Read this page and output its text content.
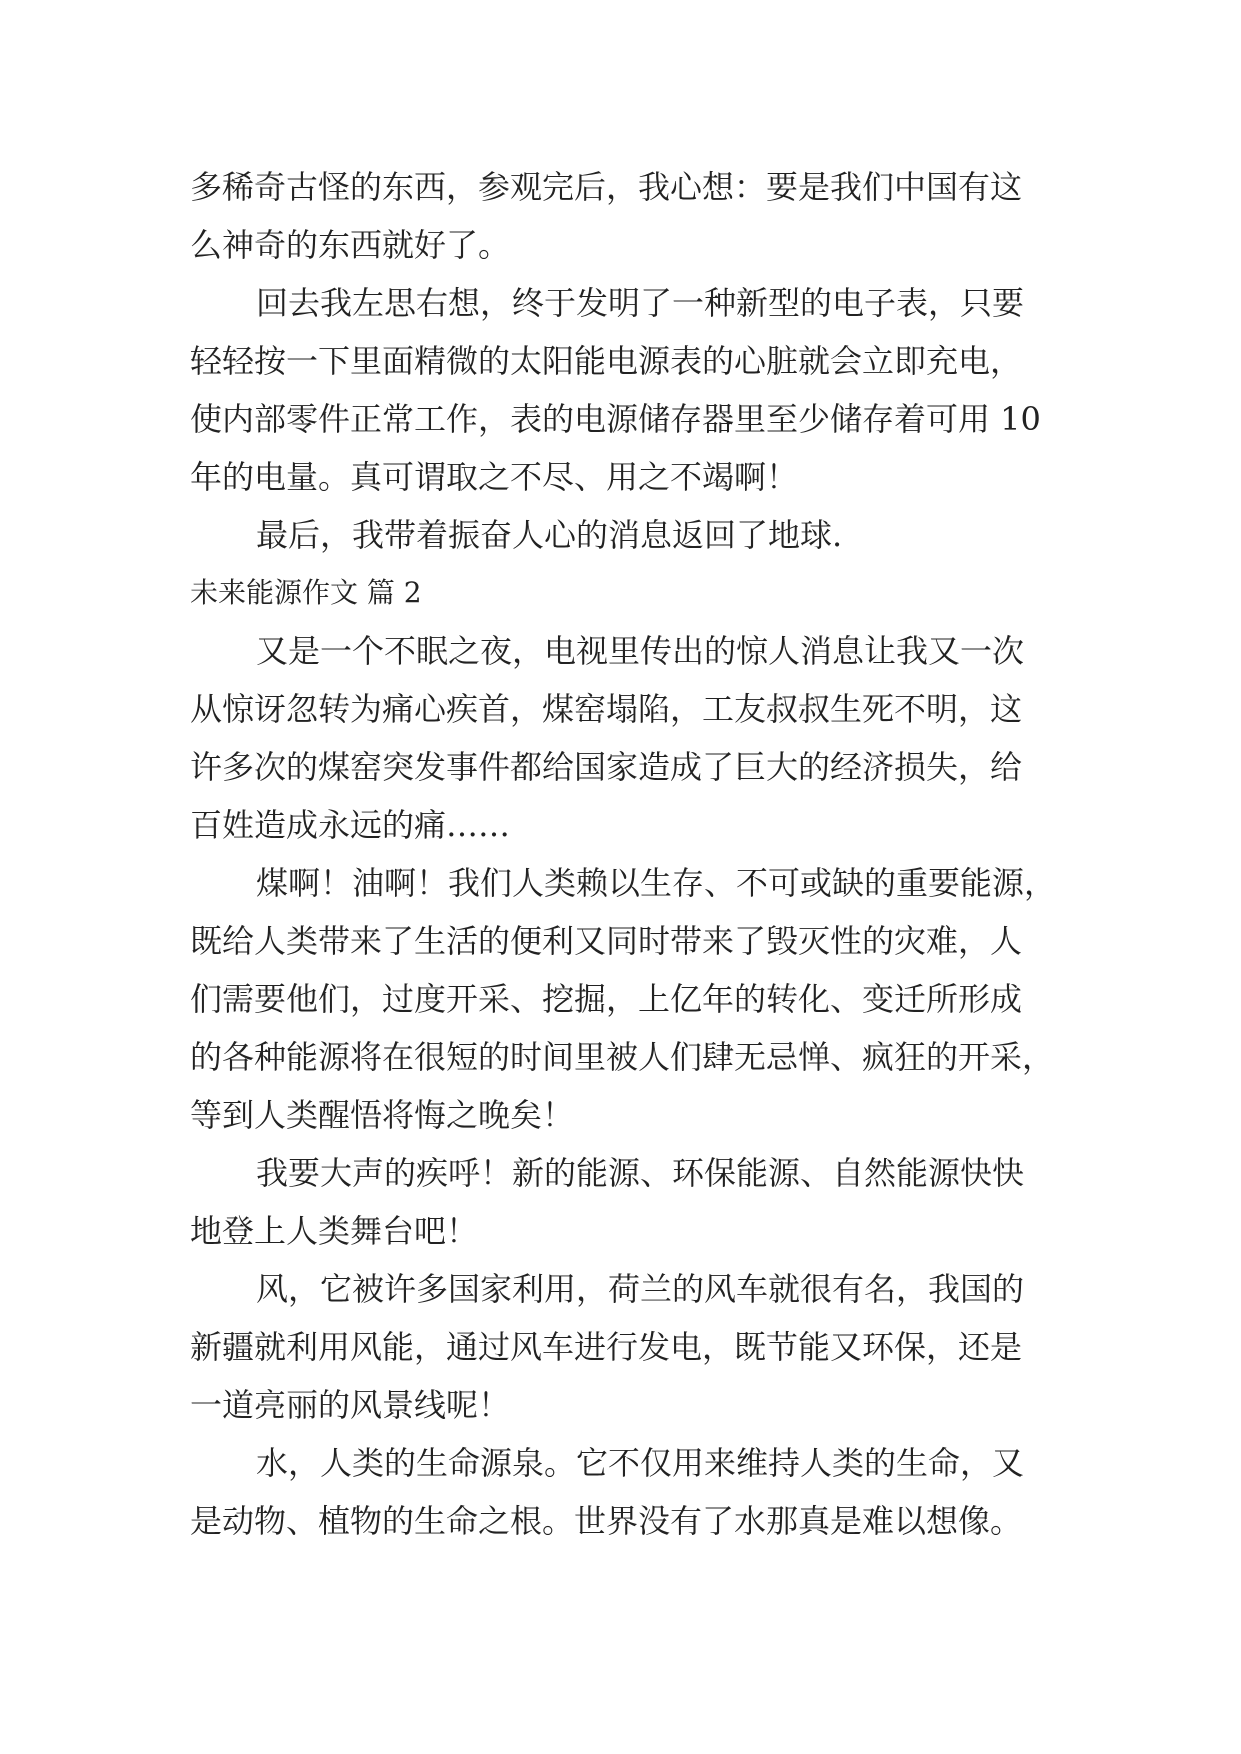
多稀奇古怪的东西，参观完后，我心想：要是我们中国有这
么神奇的东西就好了。

回去我左思右想，终于发明了一种新型的电子表，只要
轻轻按一下里面精微的太阳能电源表的心脏就会立即充电，
使内部零件正常工作，表的电源储存器里至少储存着可用 10
年的电量。真可谓取之不尽、用之不竭啊！

最后，我带着振奋人心的消息返回了地球.

未来能源作文 篇 2

又是一个不眠之夜，电视里传出的惊人消息让我又一次
从惊讶忽转为痛心疾首，煤窑塌陷，工友叔叔生死不明，这
许多次的煤窑突发事件都给国家造成了巨大的经济损失，给
百姓造成永远的痛……

煤啊！油啊！我们人类赖以生存、不可或缺的重要能源，
既给人类带来了生活的便利又同时带来了毁灭性的灾难，人
们需要他们，过度开采、挖掘，上亿年的转化、变迁所形成
的各种能源将在很短的时间里被人们肆无忌惮、疯狂的开采，
等到人类醒悟将悔之晚矣！

我要大声的疾呼！新的能源、环保能源、自然能源快快
地登上人类舞台吧！

风，它被许多国家利用，荷兰的风车就很有名，我国的
新疆就利用风能，通过风车进行发电，既节能又环保，还是
一道亮丽的风景线呢！

水，人类的生命源泉。它不仅用来维持人类的生命，又
是动物、植物的生命之根。世界没有了水那真是难以想像。
